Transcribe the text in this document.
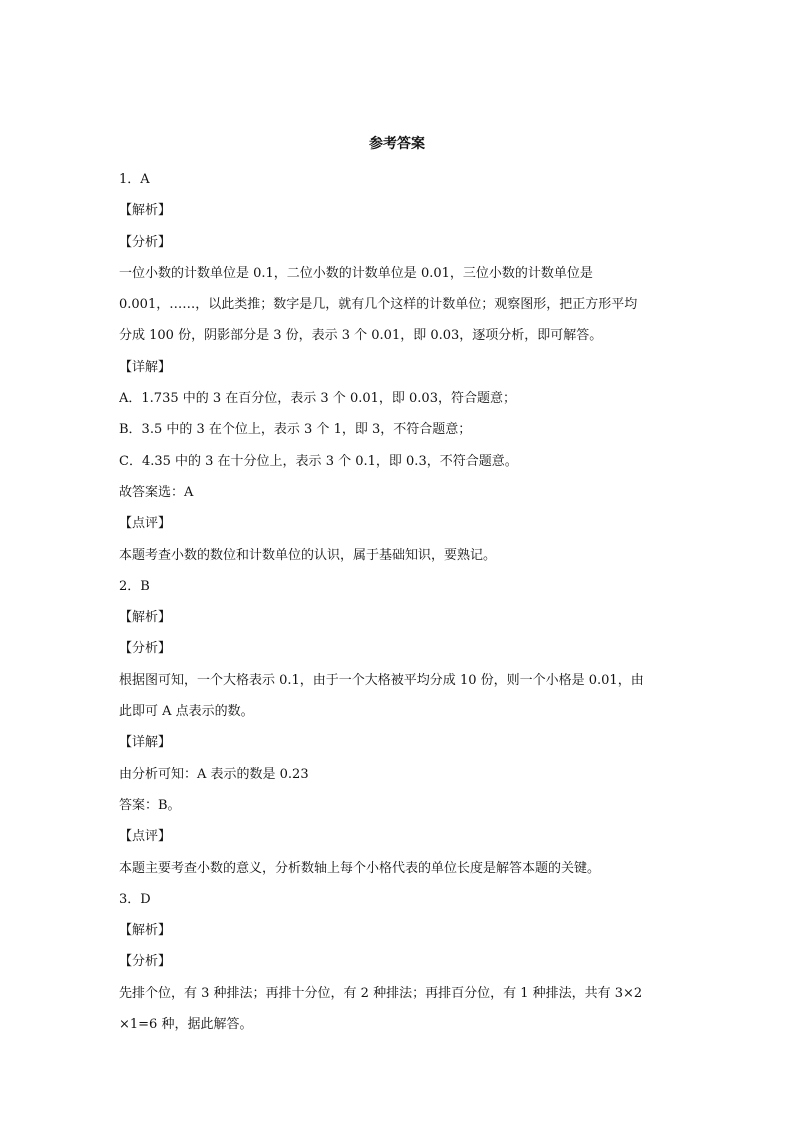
参考答案
1．A
【解析】
【分析】
一位小数的计数单位是 0.1，二位小数的计数单位是 0.01，三位小数的计数单位是
0.001，……，以此类推；数字是几，就有几个这样的计数单位；观察图形，把正方形平均
分成 100 份，阴影部分是 3 份，表示 3 个 0.01，即 0.03，逐项分析，即可解答。
【详解】
A．1.735 中的 3 在百分位，表示 3 个 0.01，即 0.03，符合题意；
B．3.5 中的 3 在个位上，表示 3 个 1，即 3，不符合题意；
C．4.35 中的 3 在十分位上，表示 3 个 0.1，即 0.3，不符合题意。
故答案选：A
【点评】
本题考查小数的数位和计数单位的认识，属于基础知识，要熟记。
2．B
【解析】
【分析】
根据图可知，一个大格表示 0.1，由于一个大格被平均分成 10 份，则一个小格是 0.01，由
此即可 A 点表示的数。
【详解】
由分析可知：A 表示的数是 0.23
答案：B。
【点评】
本题主要考查小数的意义，分析数轴上每个小格代表的单位长度是解答本题的关键。
3．D
【解析】
【分析】
先排个位，有 3 种排法；再排十分位，有 2 种排法；再排百分位，有 1 种排法，共有 3×2
×1=6 种，据此解答。
